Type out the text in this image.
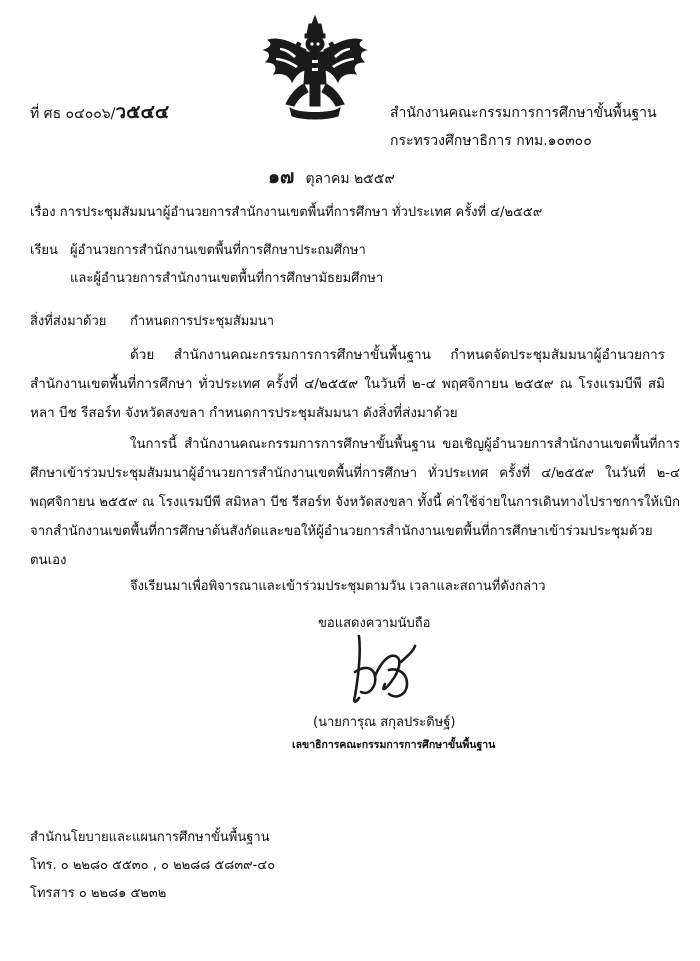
ที่ ศธ ๐๔๐๐๖/ว๕๔๔	สำนักงานคณะกรรมการการศึกษาขั้นพื้นฐาน
กระทรวงศึกษาธิการ กทม.๑๐๓๐๐
๑๗ ตุลาคม ๒๕๕๙
เรื่อง การประชุมสัมมนาผู้อำนวยการสำนักงานเขตพื้นที่การศึกษา ทั่วประเทศ ครั้งที่ ๔/๒๕๕๙
เรียน ผู้อำนวยการสำนักงานเขตพื้นที่การศึกษาประถมศึกษา
และผู้อำนวยการสำนักงานเขตพื้นที่การศึกษามัธยมศึกษา
สิ่งที่ส่งมาด้วย กำหนดการประชุมสัมมนา
ด้วย สำนักงานคณะกรรมการการศึกษาขั้นพื้นฐาน กำหนดจัดประชุมสัมมนาผู้อำนวยการสำนักงานเขตพื้นที่การศึกษา ทั่วประเทศ ครั้งที่ ๔/๒๕๕๙ ในวันที่ ๒-๔ พฤศจิกายน ๒๕๕๙ ณ โรงแรมบีพี สมิหลา บีช รีสอร์ท จังหวัดสงขลา กำหนดการประชุมสัมมนา ดังสิ่งที่ส่งมาด้วย
ในการนี้ สำนักงานคณะกรรมการการศึกษาขั้นพื้นฐาน ขอเชิญผู้อำนวยการสำนักงานเขตพื้นที่การศึกษาเข้าร่วมประชุมสัมมนาผู้อำนวยการสำนักงานเขตพื้นที่การศึกษา ทั่วประเทศ ครั้งที่ ๔/๒๕๕๙ ในวันที่ ๒-๔ พฤศจิกายน ๒๕๕๙ ณ โรงแรมบีพี สมิหลา บีช รีสอร์ท จังหวัดสงขลา ทั้งนี้ ค่าใช้จ่ายในการเดินทางไปราชการให้เบิกจากสำนักงานเขตพื้นที่การศึกษาต้นสังกัดและขอให้ผู้อำนวยการสำนักงานเขตพื้นที่การศึกษาเข้าร่วมประชุมด้วยตนเอง
จึงเรียนมาเพื่อพิจารณาและเข้าร่วมประชุมตามวัน เวลาและสถานที่ดังกล่าว
ขอแสดงความนับถือ
(นายการุณ สกุลประดิษฐ์)
เลขาธิการคณะกรรมการการศึกษาขั้นพื้นฐาน
สำนักนโยบายและแผนการศึกษาขั้นพื้นฐาน
โทร. ๐ ๒๒๘๐ ๕๕๓๐ , ๐ ๒๒๘๘ ๕๘๓๙-๔๐
โทรสาร ๐ ๒๒๘๑ ๕๒๓๒
